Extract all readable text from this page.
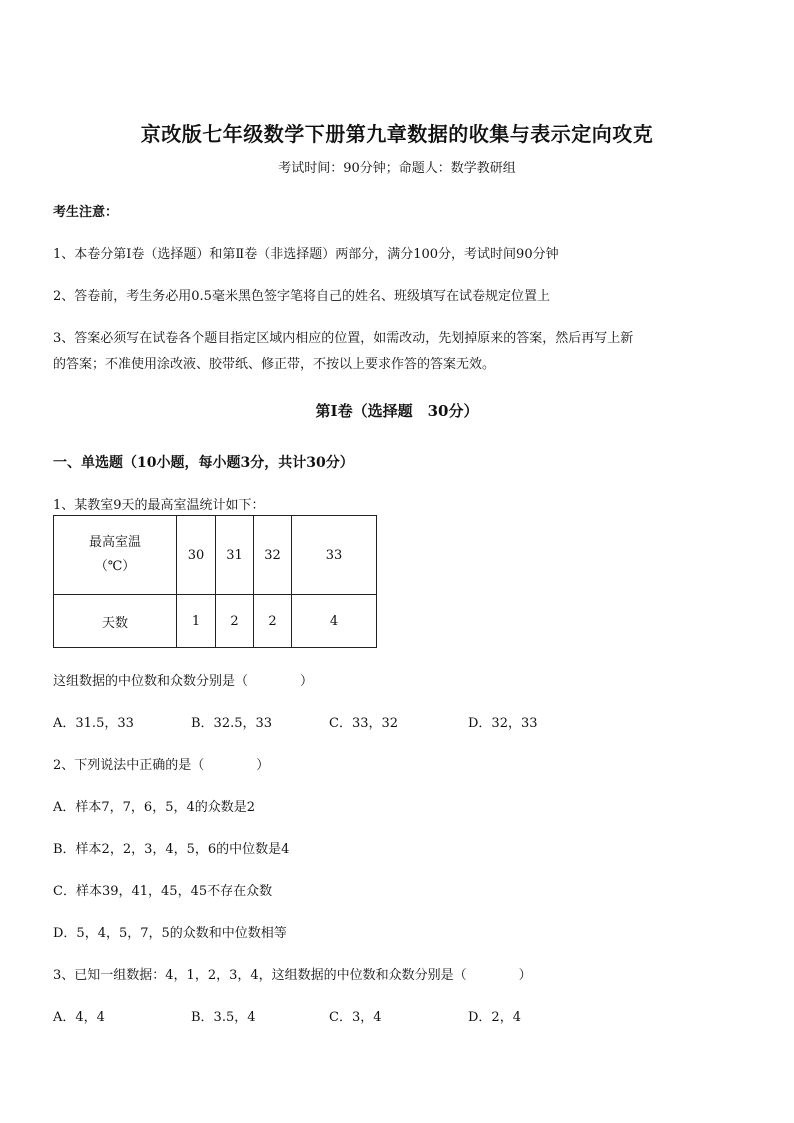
京改版七年级数学下册第九章数据的收集与表示定向攻克
考试时间：90分钟；命题人：数学教研组
考生注意：
1、本卷分第Ⅰ卷（选择题）和第Ⅱ卷（非选择题）两部分，满分100分，考试时间90分钟
2、答卷前，考生务必用0.5毫米黑色签字笔将自己的姓名、班级填写在试卷规定位置上
3、答案必须写在试卷各个题目指定区域内相应的位置，如需改动，先划掉原来的答案，然后再写上新
的答案；不准使用涂改液、胶带纸、修正带，不按以上要求作答的答案无效。
第Ⅰ卷（选择题　30分）
一、单选题（10小题，每小题3分，共计30分）
1、某教室9天的最高室温统计如下：
最高室温
（℃）	30	31	32	33
天数	1	2	2	4
这组数据的中位数和众数分别是（　　　　）
A．31.5，33	B．32.5，33	C．33，32	D．32，33
2、下列说法中正确的是（　　　　）
A．样本7，7，6，5，4的众数是2
B．样本2，2，3，4，5，6的中位数是4
C．样本39，41，45，45不存在众数
D．5，4，5，7，5的众数和中位数相等
3、已知一组数据：4，1，2，3，4，这组数据的中位数和众数分别是（　　　　）
A．4，4	B．3.5，4	C．3，4	D．2，4
